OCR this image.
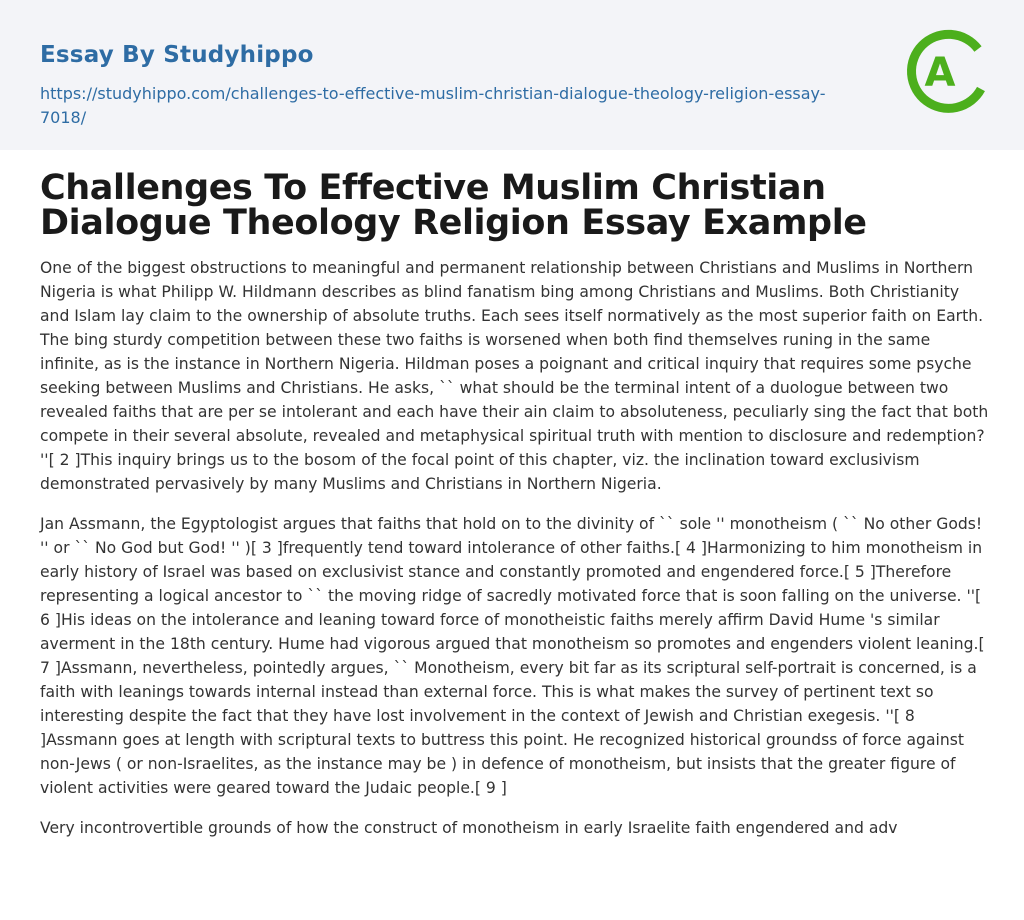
Essay By Studyhippo
https://studyhippo.com/challenges-to-effective-muslim-christian-dialogue-theology-religion-essay-7018/
A
Challenges To Effective Muslim Christian Dialogue Theology Religion Essay Example

One of the biggest obstructions to meaningful and permanent relationship between Christians and Muslims in Northern Nigeria is what Philipp W. Hildmann describes as blind fanatism bing among Christians and Muslims. Both Christianity and Islam lay claim to the ownership of absolute truths. Each sees itself normatively as the most superior faith on Earth. The bing sturdy competition between these two faiths is worsened when both find themselves runing in the same infinite, as is the instance in Northern Nigeria. Hildman poses a poignant and critical inquiry that requires some psyche seeking between Muslims and Christians. He asks, `` what should be the terminal intent of a duologue between two revealed faiths that are per se intolerant and each have their ain claim to absoluteness, peculiarly sing the fact that both compete in their several absolute, revealed and metaphysical spiritual truth with mention to disclosure and redemption? ''[ 2 ]This inquiry brings us to the bosom of the focal point of this chapter, viz. the inclination toward exclusivism demonstrated pervasively by many Muslims and Christians in Northern Nigeria.

Jan Assmann, the Egyptologist argues that faiths that hold on to the divinity of `` sole '' monotheism ( `` No other Gods! '' or `` No God but God! '' )[ 3 ]frequently tend toward intolerance of other faiths.[ 4 ]Harmonizing to him monotheism in early history of Israel was based on exclusivist stance and constantly promoted and engendered force.[ 5 ]Therefore representing a logical ancestor to `` the moving ridge of sacredly motivated force that is soon falling on the universe. ''[ 6 ]His ideas on the intolerance and leaning toward force of monotheistic faiths merely affirm David Hume 's similar averment in the 18th century. Hume had vigorous argued that monotheism so promotes and engenders violent leaning.[ 7 ]Assmann, nevertheless, pointedly argues, `` Monotheism, every bit far as its scriptural self-portrait is concerned, is a faith with leanings towards internal instead than external force. This is what makes the survey of pertinent text so interesting despite the fact that they have lost involvement in the context of Jewish and Christian exegesis. ''[ 8 ]Assmann goes at length with scriptural texts to buttress this point. He recognized historical groundss of force against non-Jews ( or non-Israelites, as the instance may be ) in defence of monotheism, but insists that the greater figure of violent activities were geared toward the Judaic people.[ 9 ]

Very incontrovertible grounds of how the construct of monotheism in early Israelite faith engendered and adv
